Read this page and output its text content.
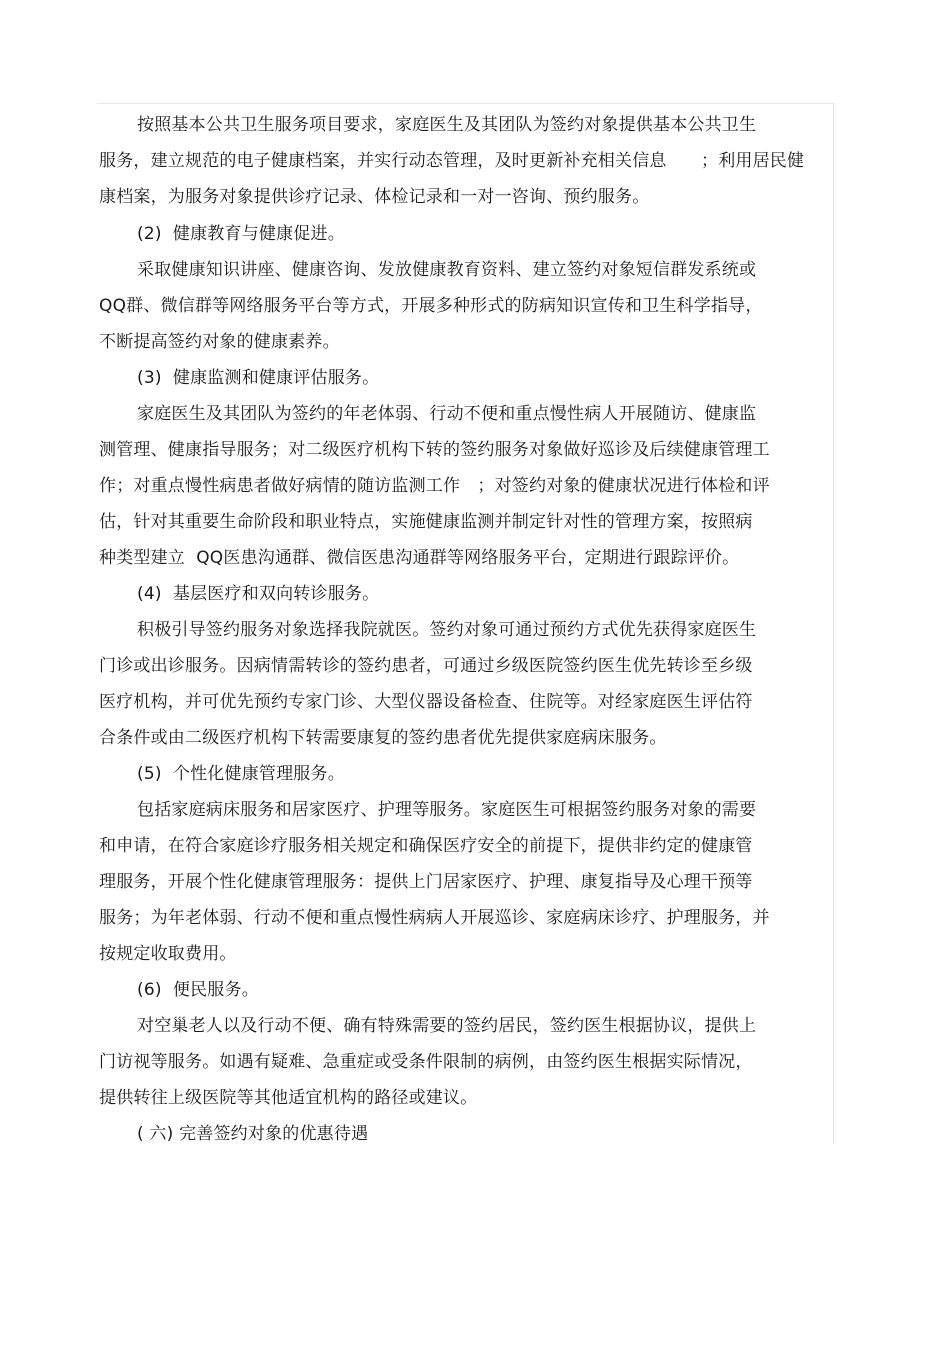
按照基本公共卫生服务项目要求，家庭医生及其团队为签约对象提供基本公共卫生
服务，建立规范的电子健康档案，并实行动态管理，及时更新补充相关信息　　；利用居民健
康档案，为服务对象提供诊疗记录、体检记录和一对一咨询、预约服务。
(2)  健康教育与健康促进。
采取健康知识讲座、健康咨询、发放健康教育资料、建立签约对象短信群发系统或
QQ群、微信群等网络服务平台等方式，开展多种形式的防病知识宣传和卫生科学指导，
不断提高签约对象的健康素养。
(3)  健康监测和健康评估服务。
家庭医生及其团队为签约的年老体弱、行动不便和重点慢性病人开展随访、健康监
测管理、健康指导服务；对二级医疗机构下转的签约服务对象做好巡诊及后续健康管理工
作；对重点慢性病患者做好病情的随访监测工作　；对签约对象的健康状况进行体检和评
估，针对其重要生命阶段和职业特点，实施健康监测并制定针对性的管理方案，按照病
种类型建立  QQ医患沟通群、微信医患沟通群等网络服务平台，定期进行跟踪评价。
(4)  基层医疗和双向转诊服务。
积极引导签约服务对象选择我院就医。签约对象可通过预约方式优先获得家庭医生
门诊或出诊服务。因病情需转诊的签约患者，可通过乡级医院签约医生优先转诊至乡级
医疗机构，并可优先预约专家门诊、大型仪器设备检查、住院等。对经家庭医生评估符
合条件或由二级医疗机构下转需要康复的签约患者优先提供家庭病床服务。
(5)  个性化健康管理服务。
包括家庭病床服务和居家医疗、护理等服务。家庭医生可根据签约服务对象的需要
和申请，在符合家庭诊疗服务相关规定和确保医疗安全的前提下，提供非约定的健康管
理服务，开展个性化健康管理服务：提供上门居家医疗、护理、康复指导及心理干预等
服务；为年老体弱、行动不便和重点慢性病病人开展巡诊、家庭病床诊疗、护理服务，并
按规定收取费用。
(6)  便民服务。
对空巢老人以及行动不便、确有特殊需要的签约居民，签约医生根据协议，提供上
门访视等服务。如遇有疑难、急重症或受条件限制的病例，由签约医生根据实际情况，
提供转往上级医院等其他适宜机构的路径或建议。
( 六) 完善签约对象的优惠待遇
